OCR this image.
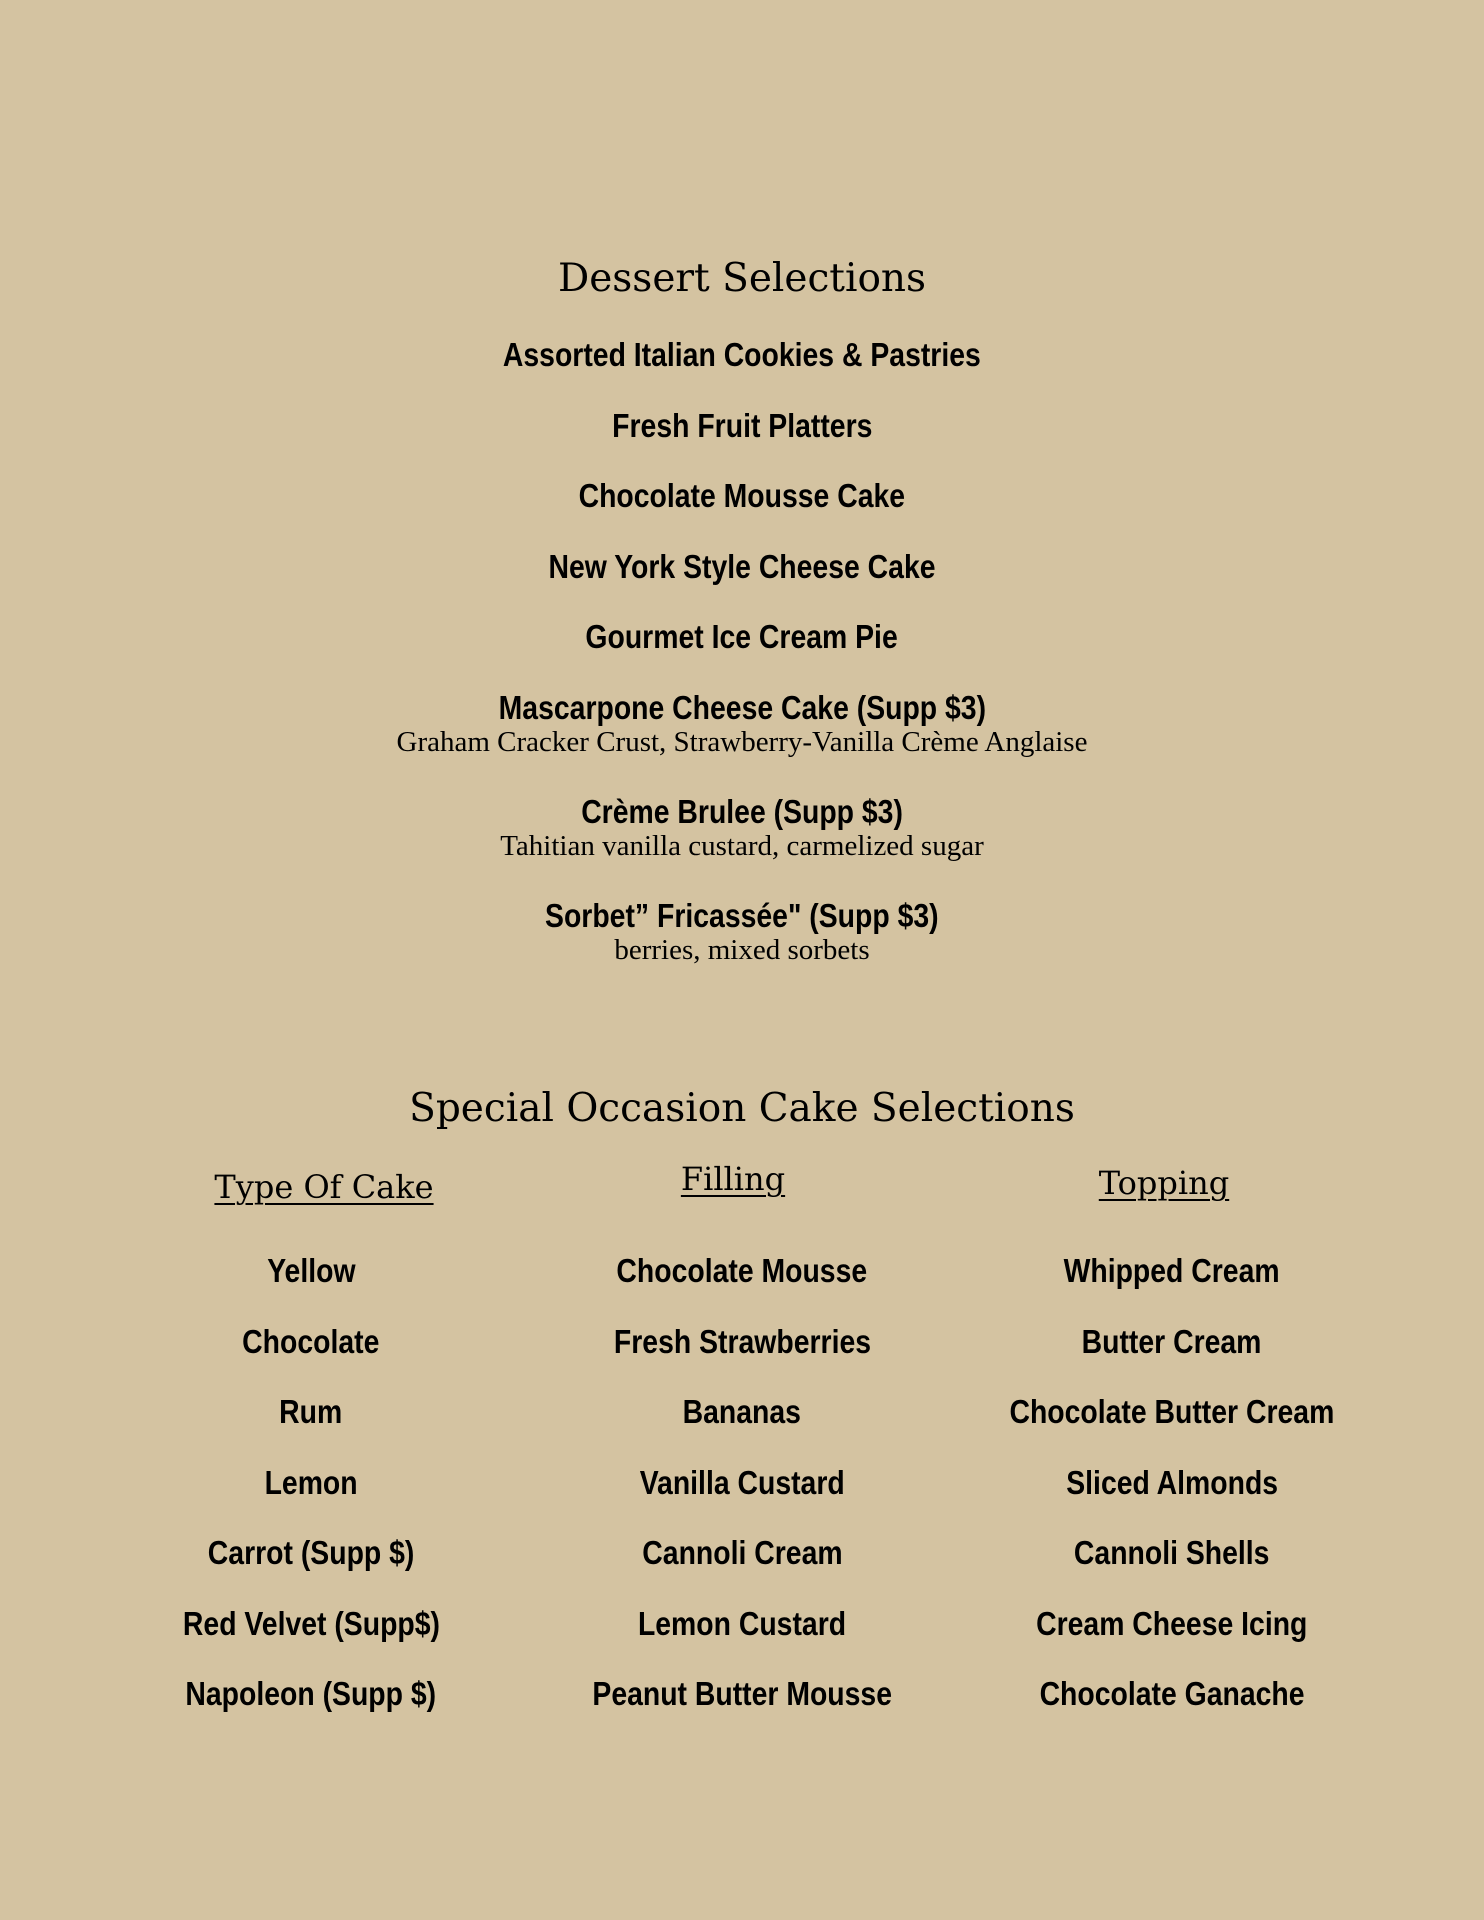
Dessert Selections
Assorted Italian Cookies & Pastries
Fresh Fruit Platters
Chocolate Mousse Cake
New York Style Cheese Cake
Gourmet Ice Cream Pie
Mascarpone Cheese Cake (Supp $3)
Graham Cracker Crust, Strawberry-Vanilla Crème Anglaise
Crème Brulee (Supp $3)
Tahitian vanilla custard, carmelized sugar
Sorbet” Fricassée" (Supp $3)
berries, mixed sorbets
Special Occasion Cake Selections
Type Of Cake
Yellow
Chocolate
Rum
Lemon
Carrot (Supp $)
Red Velvet (Supp$)
Napoleon (Supp $)
Filling
Chocolate Mousse
Fresh Strawberries
Bananas
Vanilla Custard
Cannoli Cream
Lemon Custard
Peanut Butter Mousse
Topping
Whipped Cream
Butter Cream
Chocolate Butter Cream
Sliced Almonds
Cannoli Shells
Cream Cheese Icing
Chocolate Ganache
